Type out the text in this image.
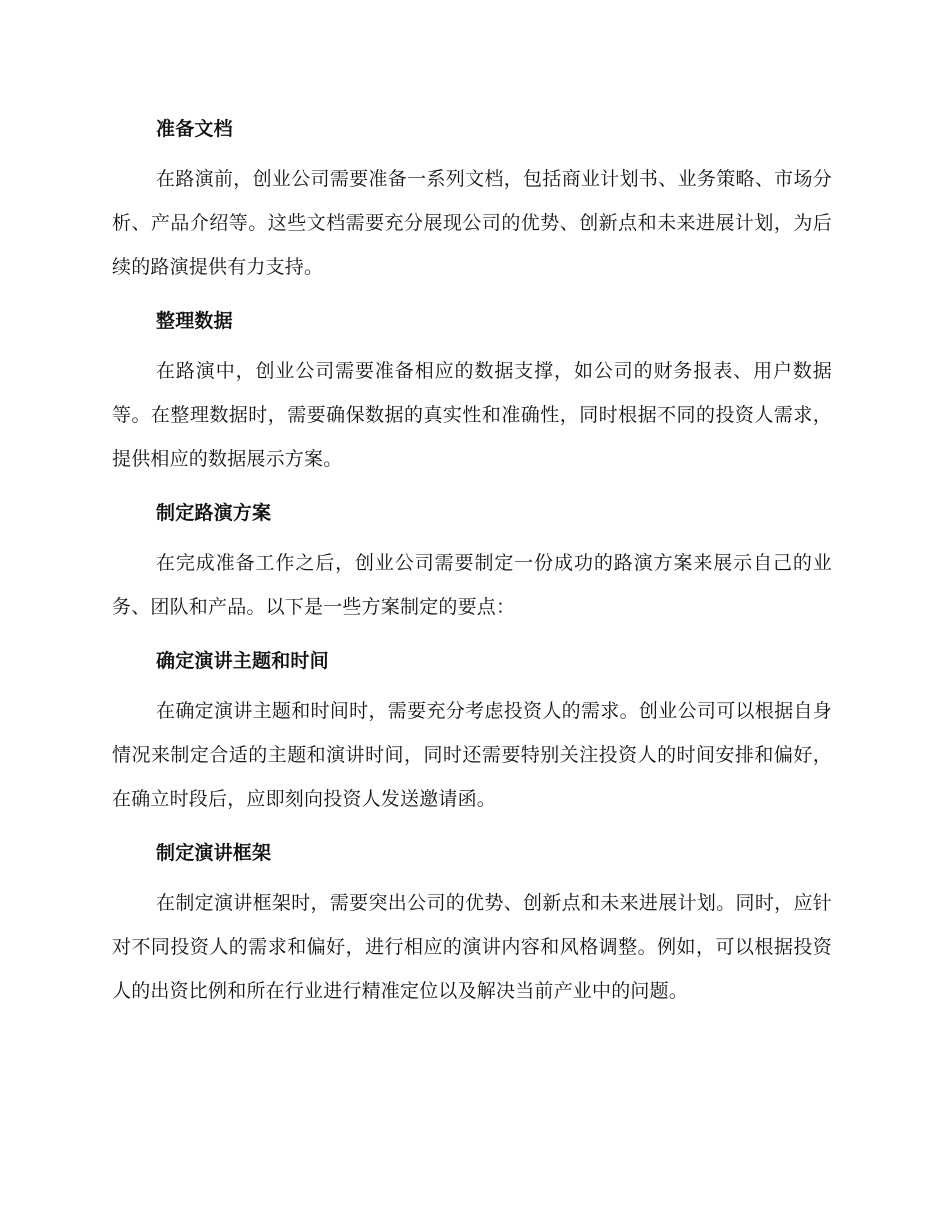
准备文档

在路演前，创业公司需要准备一系列文档，包括商业计划书、业务策略、市场分析、产品介绍等。这些文档需要充分展现公司的优势、创新点和未来进展计划，为后续的路演提供有力支持。

整理数据

在路演中，创业公司需要准备相应的数据支撑，如公司的财务报表、用户数据等。在整理数据时，需要确保数据的真实性和准确性，同时根据不同的投资人需求，提供相应的数据展示方案。

制定路演方案

在完成准备工作之后，创业公司需要制定一份成功的路演方案来展示自己的业务、团队和产品。以下是一些方案制定的要点：

确定演讲主题和时间

在确定演讲主题和时间时，需要充分考虑投资人的需求。创业公司可以根据自身情况来制定合适的主题和演讲时间，同时还需要特别关注投资人的时间安排和偏好，在确立时段后，应即刻向投资人发送邀请函。

制定演讲框架

在制定演讲框架时，需要突出公司的优势、创新点和未来进展计划。同时，应针对不同投资人的需求和偏好，进行相应的演讲内容和风格调整。例如，可以根据投资人的出资比例和所在行业进行精准定位以及解决当前产业中的问题。
